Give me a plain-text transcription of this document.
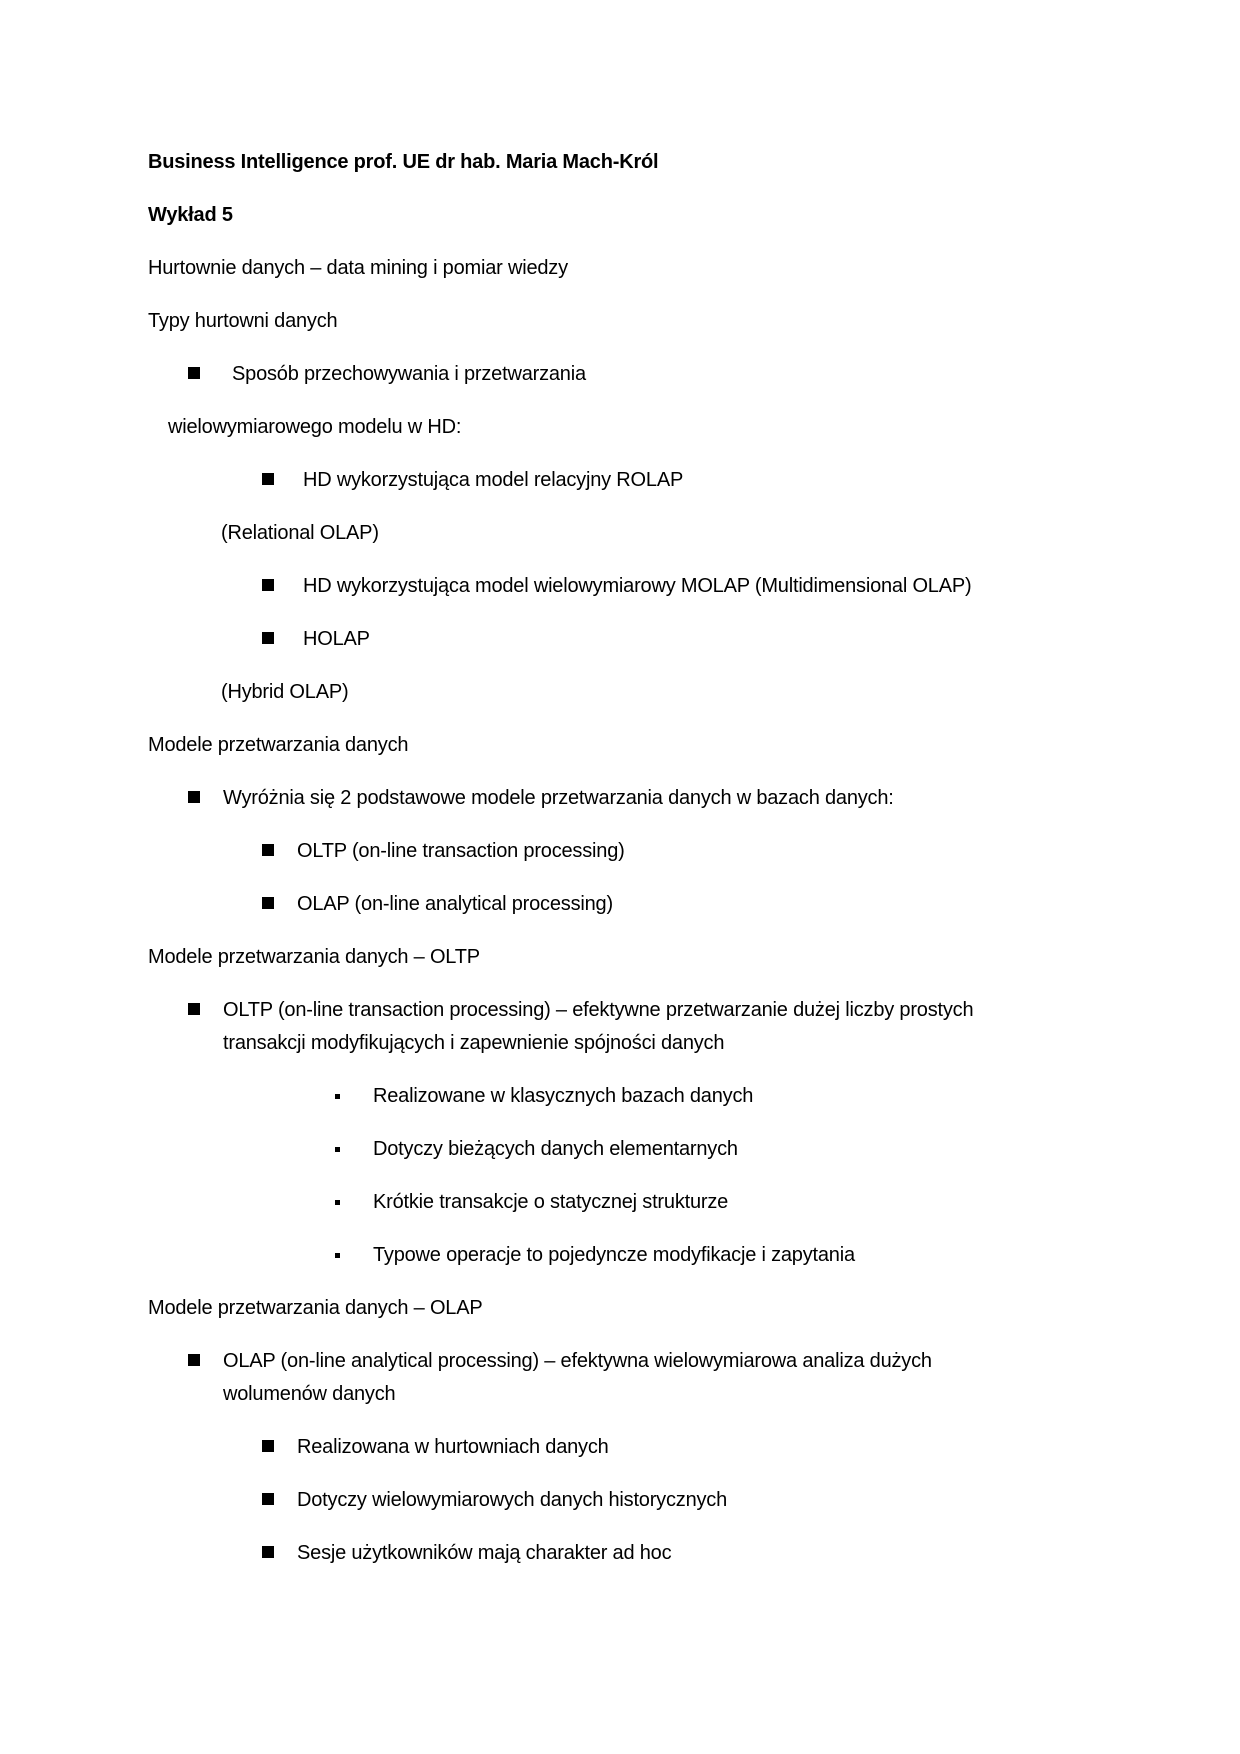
Business Intelligence prof. UE dr hab. Maria Mach-Król
Wykład 5
Hurtownie danych – data mining i pomiar wiedzy
Typy hurtowni danych
Sposób przechowywania i przetwarzania
wielowymiarowego modelu w HD:
HD wykorzystująca model relacyjny ROLAP
(Relational OLAP)
HD wykorzystująca model wielowymiarowy MOLAP (Multidimensional OLAP)
HOLAP
(Hybrid OLAP)
Modele przetwarzania danych
Wyróżnia się 2 podstawowe modele przetwarzania danych w bazach danych:
OLTP (on-line transaction processing)
OLAP (on-line analytical processing)
Modele przetwarzania danych – OLTP
OLTP (on-line transaction processing) – efektywne przetwarzanie dużej liczby prostych
transakcji modyfikujących i zapewnienie spójności danych
Realizowane w klasycznych bazach danych
Dotyczy bieżących danych elementarnych
Krótkie transakcje o statycznej strukturze
Typowe operacje to pojedyncze modyfikacje i zapytania
Modele przetwarzania danych – OLAP
OLAP (on-line analytical processing) – efektywna wielowymiarowa analiza dużych
wolumenów danych
Realizowana w hurtowniach danych
Dotyczy wielowymiarowych danych historycznych
Sesje użytkowników mają charakter ad hoc
